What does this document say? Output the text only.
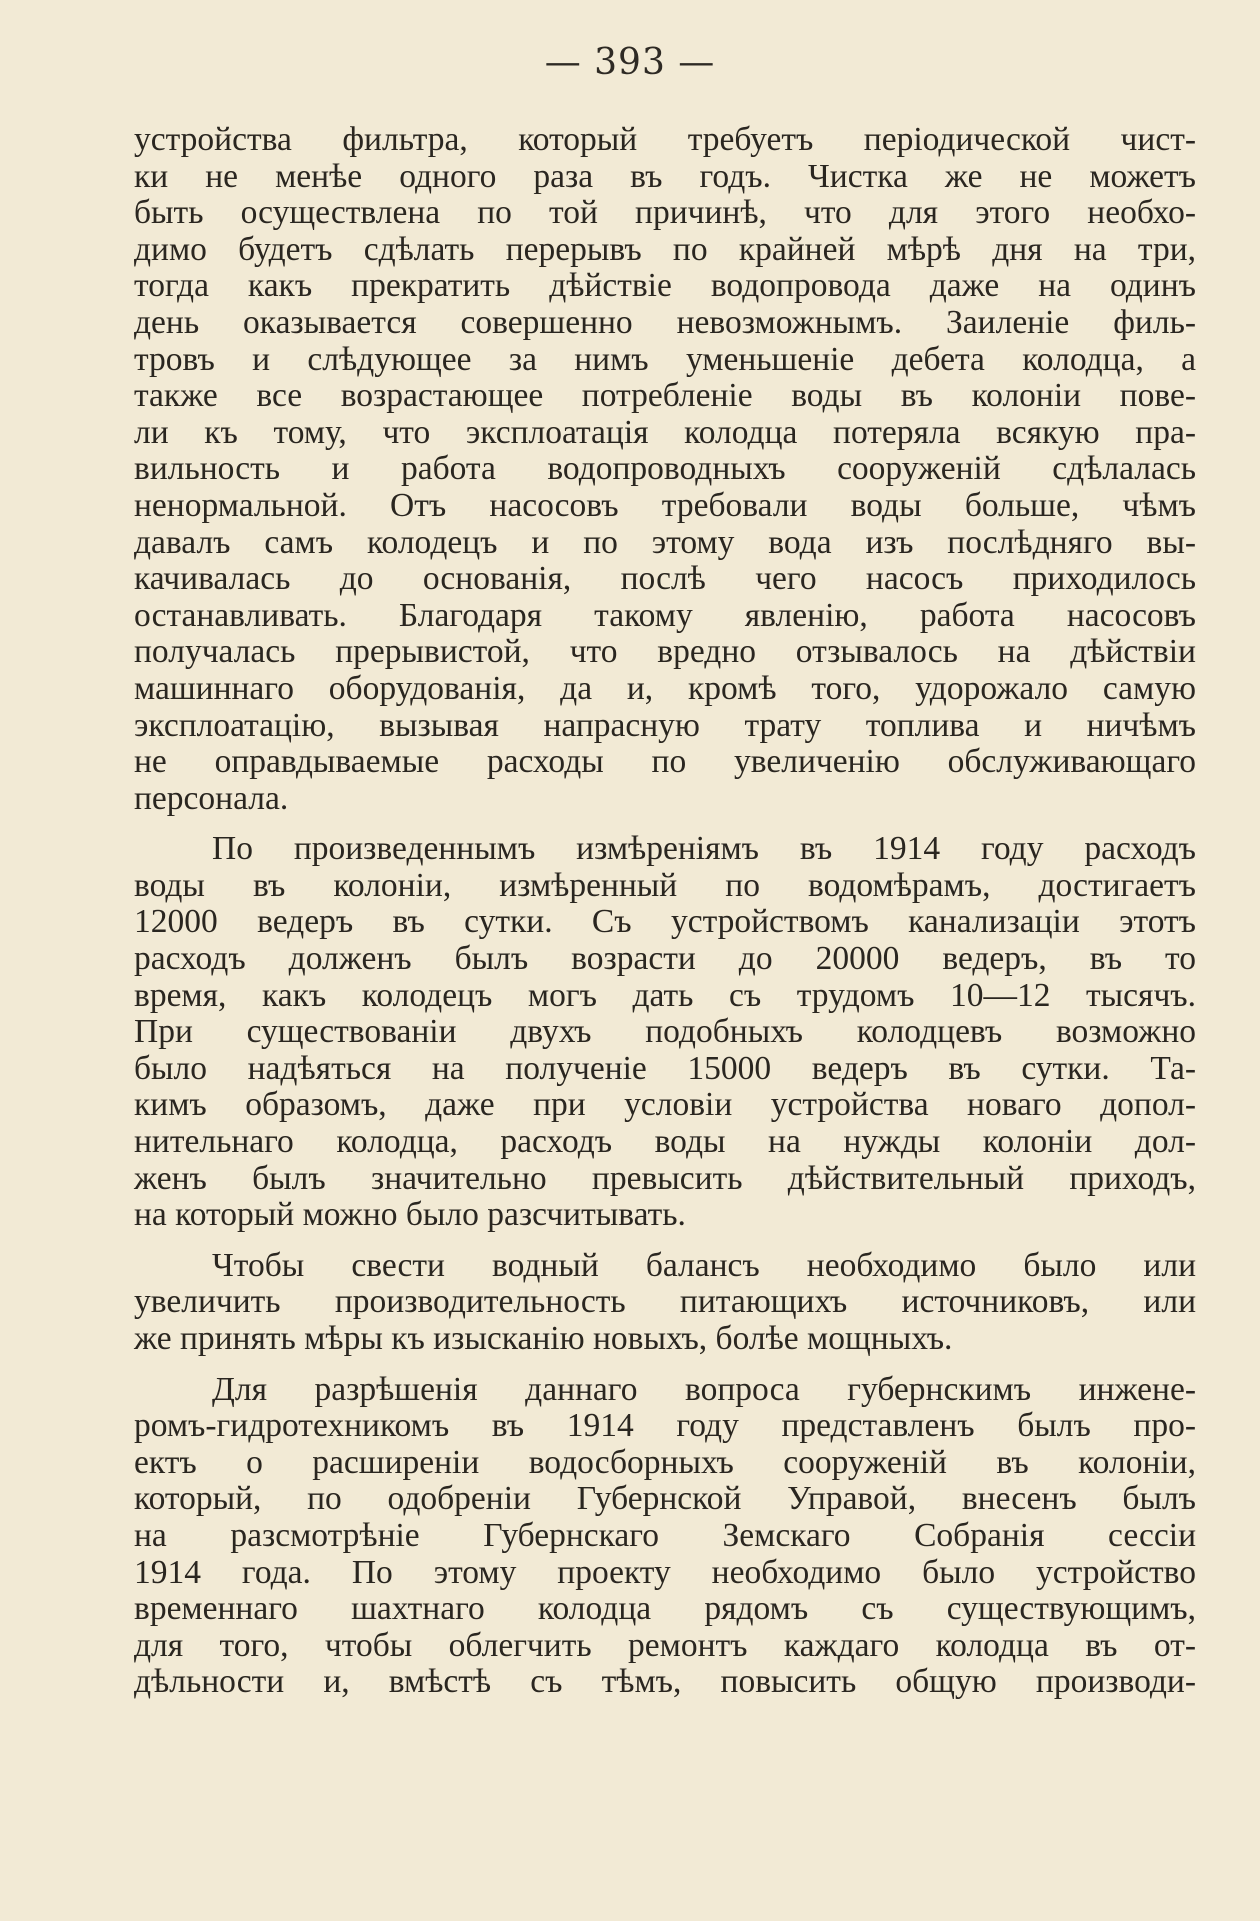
— 393 —
устройства фильтра, который требуетъ періодической чист-
ки не менѣе одного раза въ годъ. Чистка же не можетъ
быть осуществлена по той причинѣ, что для этого необхо-
димо будетъ сдѣлать перерывъ по крайней мѣрѣ дня на три,
тогда какъ прекратить дѣйствіе водопровода даже на одинъ
день оказывается совершенно невозможнымъ. Заиленіе филь-
тровъ и слѣдующее за нимъ уменьшеніе дебета колодца, а
также все возрастающее потребленіе воды въ колоніи пове-
ли къ тому, что эксплоатація колодца потеряла всякую пра-
вильность и работа водопроводныхъ сооруженій сдѣлалась
ненормальной. Отъ насосовъ требовали воды больше, чѣмъ
давалъ самъ колодецъ и по этому вода изъ послѣдняго вы-
качивалась до основанія, послѣ чего насосъ приходилось
останавливать. Благодаря такому явленію, работа насосовъ
получалась прерывистой, что вредно отзывалось на дѣйствіи
машиннаго оборудованія, да и, кромѣ того, удорожало самую
эксплоатацію, вызывая напрасную трату топлива и ничѣмъ
не оправдываемые расходы по увеличенію обслуживающаго
персонала.
По произведеннымъ измѣреніямъ въ 1914 году расходъ
воды въ колоніи, измѣренный по водомѣрамъ, достигаетъ
12000 ведеръ въ сутки. Съ устройствомъ канализаціи этотъ
расходъ долженъ былъ возрасти до 20000 ведеръ, въ то
время, какъ колодецъ могъ дать съ трудомъ 10—12 тысячъ.
При существованіи двухъ подобныхъ колодцевъ возможно
было надѣяться на полученіе 15000 ведеръ въ сутки. Та-
кимъ образомъ, даже при условіи устройства новаго допол-
нительнаго колодца, расходъ воды на нужды колоніи дол-
женъ былъ значительно превысить дѣйствительный приходъ,
на который можно было разсчитывать.
Чтобы свести водный балансъ необходимо было или
увеличить производительность питающихъ источниковъ, или
же принять мѣры къ изысканію новыхъ, болѣе мощныхъ.
Для разрѣшенія даннаго вопроса губернскимъ инжене-
ромъ-гидротехникомъ въ 1914 году представленъ былъ про-
ектъ о расширеніи водосборныхъ сооруженій въ колоніи,
который, по одобреніи Губернской Управой, внесенъ былъ
на разсмотрѣніе Губернскаго Земскаго Собранія сессіи
1914 года. По этому проекту необходимо было устройство
временнаго шахтнаго колодца рядомъ съ существующимъ,
для того, чтобы облегчить ремонтъ каждаго колодца въ от-
дѣльности и, вмѣстѣ съ тѣмъ, повысить общую производи-
